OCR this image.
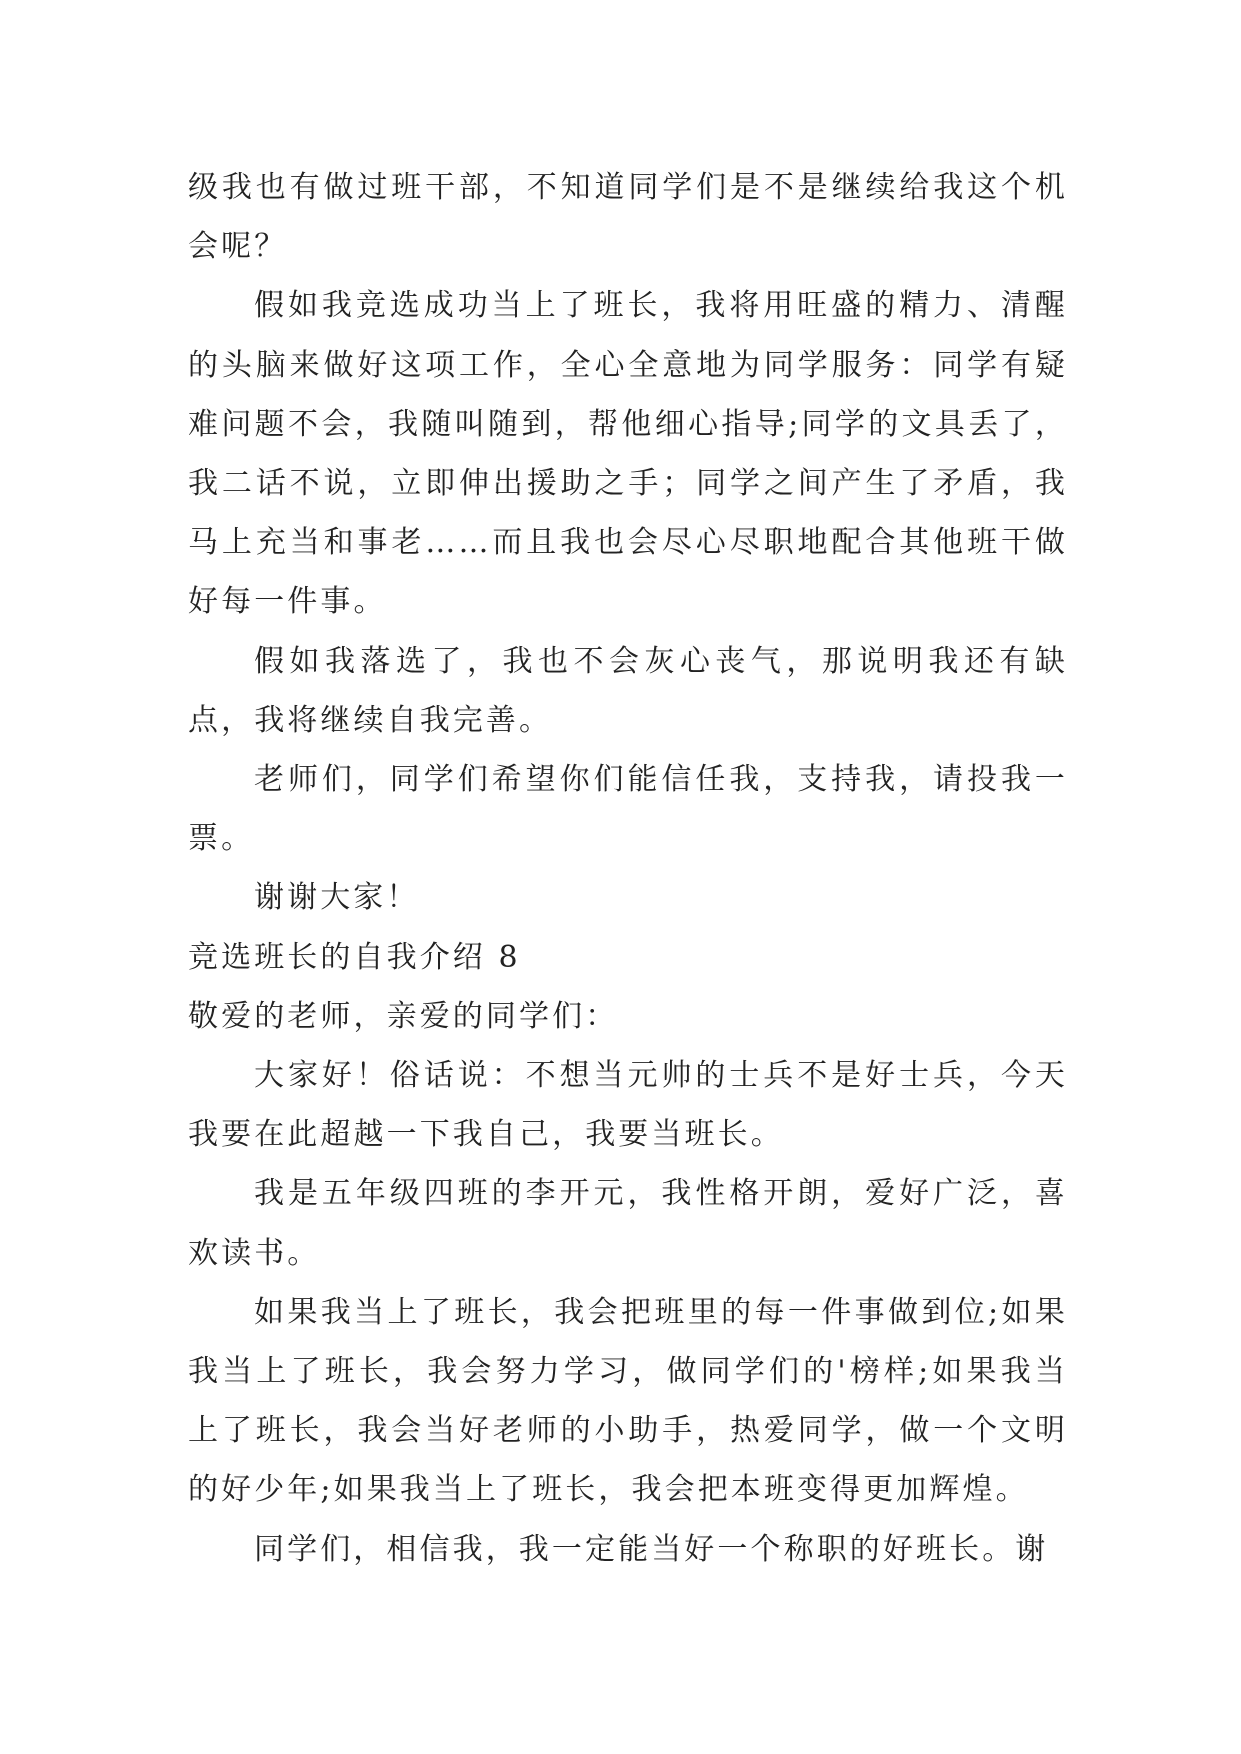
级我也有做过班干部，不知道同学们是不是继续给我这个机会呢？

假如我竞选成功当上了班长，我将用旺盛的精力、清醒的头脑来做好这项工作，全心全意地为同学服务：同学有疑难问题不会，我随叫随到，帮他细心指导;同学的文具丢了，我二话不说，立即伸出援助之手；同学之间产生了矛盾，我马上充当和事老……而且我也会尽心尽职地配合其他班干做好每一件事。

假如我落选了，我也不会灰心丧气，那说明我还有缺点，我将继续自我完善。

老师们，同学们希望你们能信任我，支持我，请投我一票。

谢谢大家！

竞选班长的自我介绍 8

敬爱的老师，亲爱的同学们：

大家好！俗话说：不想当元帅的士兵不是好士兵，今天我要在此超越一下我自己，我要当班长。

我是五年级四班的李开元，我性格开朗，爱好广泛，喜欢读书。

如果我当上了班长，我会把班里的每一件事做到位;如果我当上了班长，我会努力学习，做同学们的'榜样;如果我当上了班长，我会当好老师的小助手，热爱同学，做一个文明的好少年;如果我当上了班长，我会把本班变得更加辉煌。

同学们，相信我，我一定能当好一个称职的好班长。谢
